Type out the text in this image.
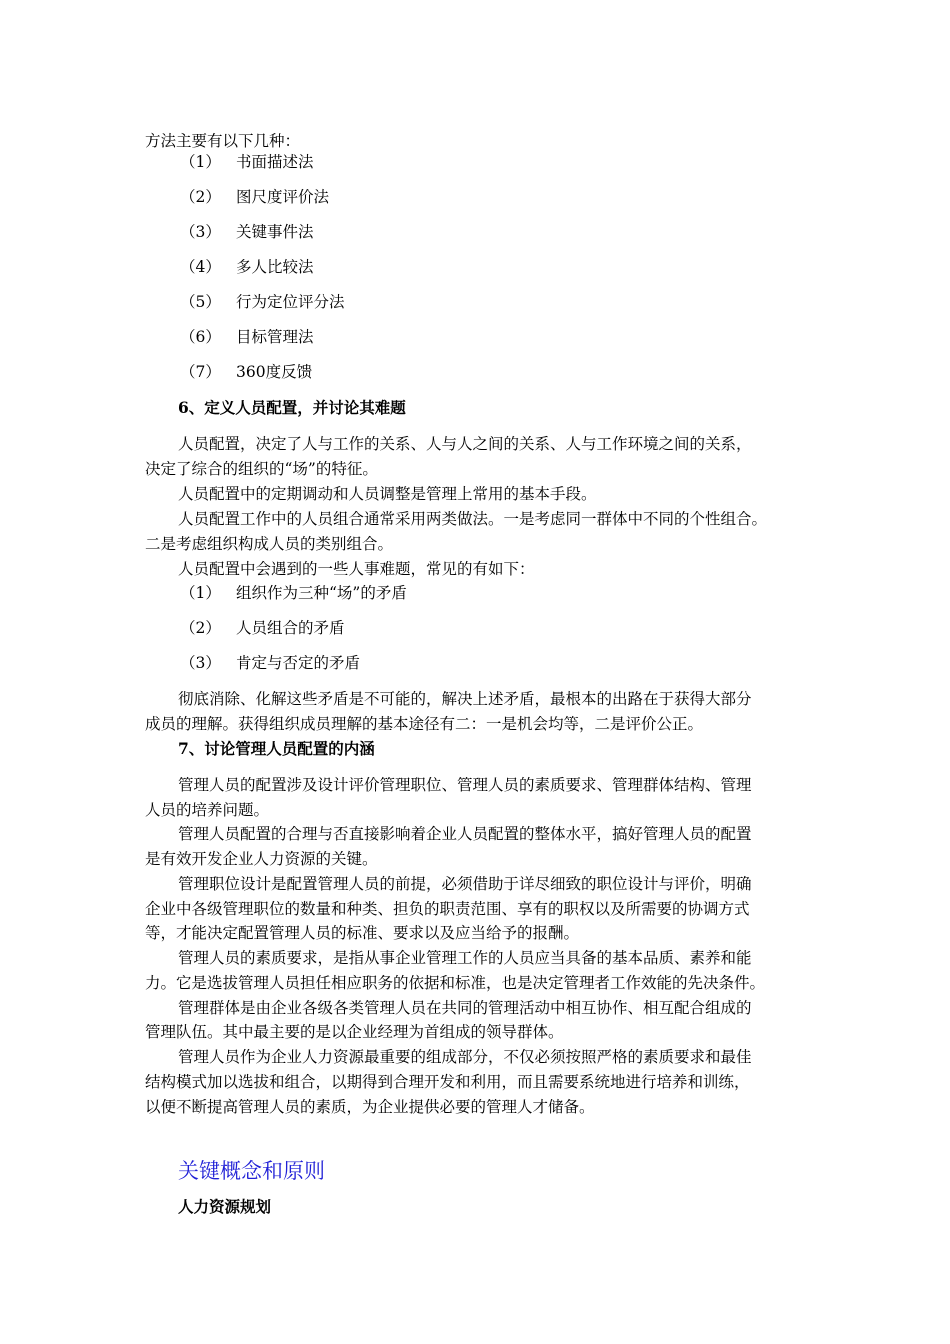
方法主要有以下几种：
（1） 书面描述法
（2） 图尺度评价法
（3） 关键事件法
（4） 多人比较法
（5） 行为定位评分法
（6） 目标管理法
（7） 360度反馈
6、定义人员配置，并讨论其难题
人员配置，决定了人与工作的关系、人与人之间的关系、人与工作环境之间的关系，
决定了综合的组织的“场”的特征。
人员配置中的定期调动和人员调整是管理上常用的基本手段。
人员配置工作中的人员组合通常采用两类做法。一是考虑同一群体中不同的个性组合。
二是考虑组织构成人员的类别组合。
人员配置中会遇到的一些人事难题，常见的有如下：
（1） 组织作为三种“场”的矛盾
（2） 人员组合的矛盾
（3） 肯定与否定的矛盾
彻底消除、化解这些矛盾是不可能的，解决上述矛盾，最根本的出路在于获得大部分
成员的理解。获得组织成员理解的基本途径有二：一是机会均等，二是评价公正。
7、讨论管理人员配置的内涵
管理人员的配置涉及设计评价管理职位、管理人员的素质要求、管理群体结构、管理
人员的培养问题。
管理人员配置的合理与否直接影响着企业人员配置的整体水平，搞好管理人员的配置
是有效开发企业人力资源的关键。
管理职位设计是配置管理人员的前提，必须借助于详尽细致的职位设计与评价，明确
企业中各级管理职位的数量和种类、担负的职责范围、享有的职权以及所需要的协调方式
等，才能决定配置管理人员的标准、要求以及应当给予的报酬。
管理人员的素质要求，是指从事企业管理工作的人员应当具备的基本品质、素养和能
力。它是选拔管理人员担任相应职务的依据和标准，也是决定管理者工作效能的先决条件。
管理群体是由企业各级各类管理人员在共同的管理活动中相互协作、相互配合组成的
管理队伍。其中最主要的是以企业经理为首组成的领导群体。
管理人员作为企业人力资源最重要的组成部分，不仅必须按照严格的素质要求和最佳
结构模式加以选拔和组合，以期得到合理开发和利用，而且需要系统地进行培养和训练，
以便不断提高管理人员的素质，为企业提供必要的管理人才储备。
关键概念和原则
人力资源规划
